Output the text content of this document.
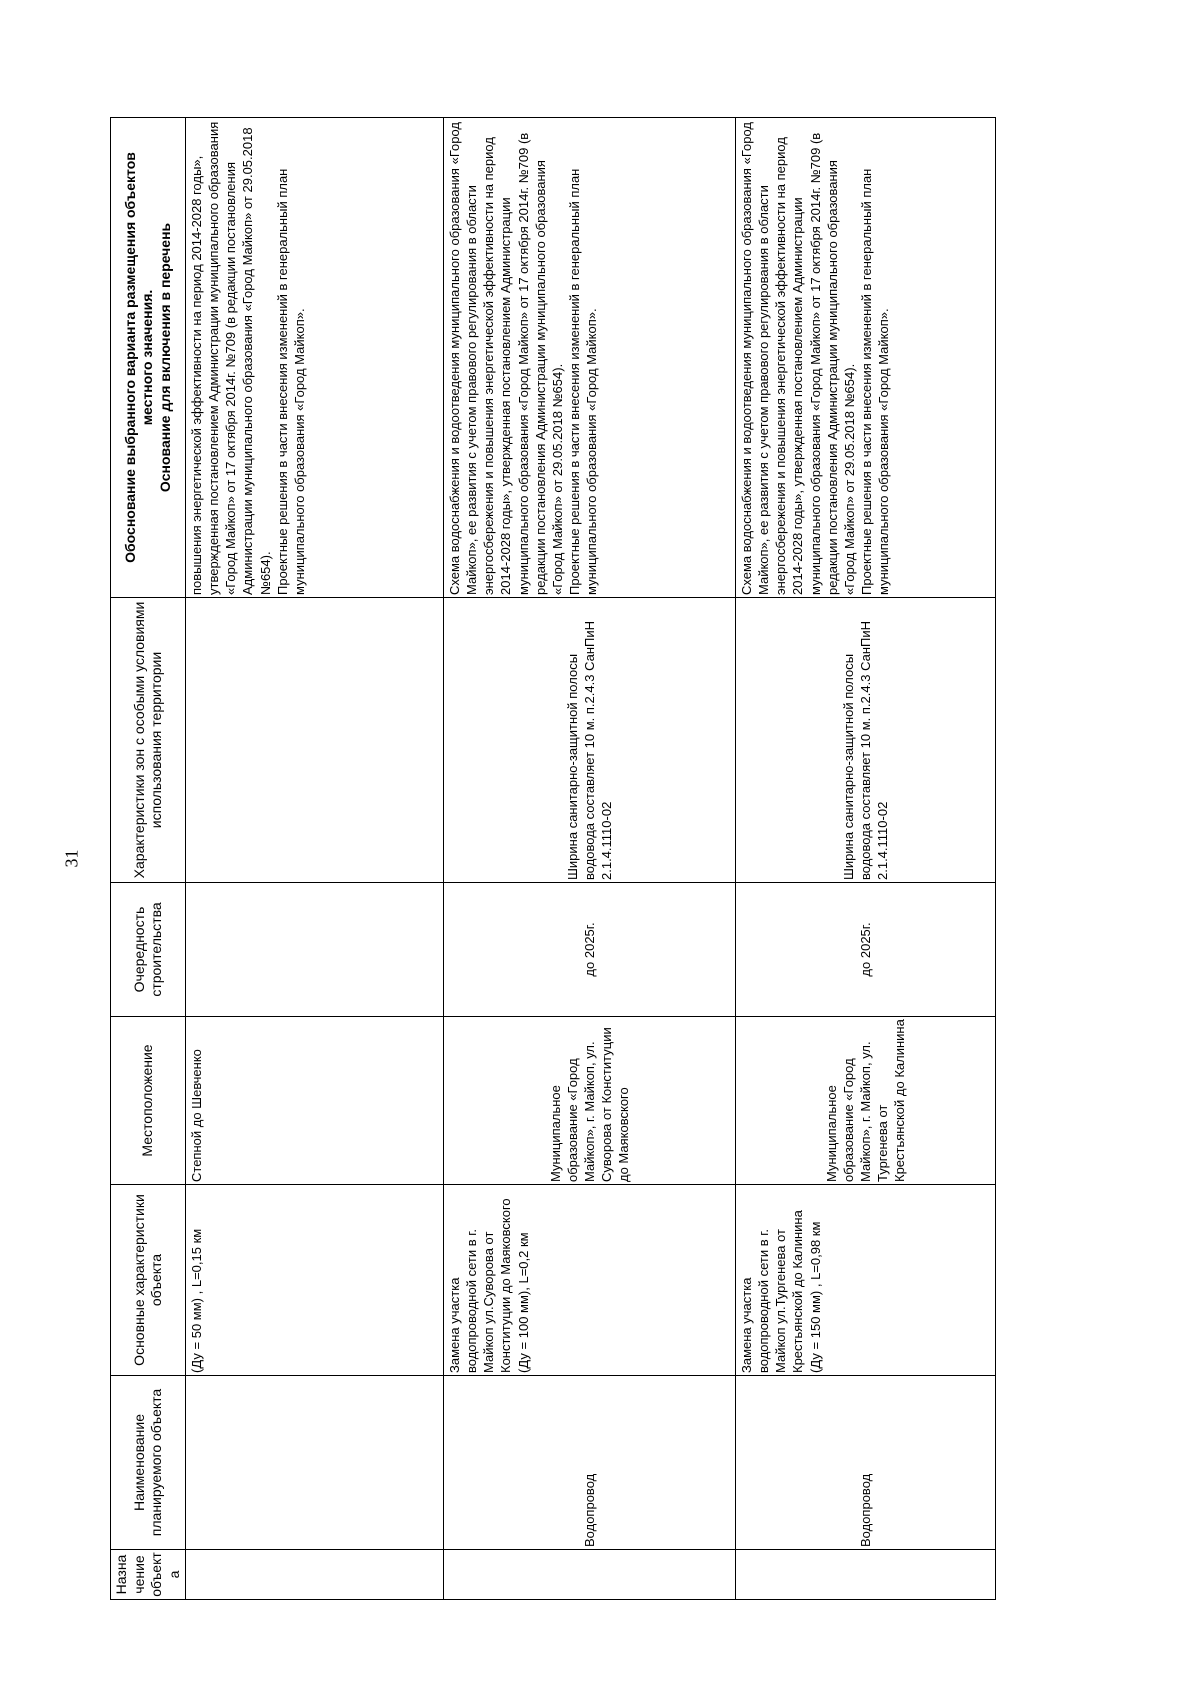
31
Назначение объекта	Наименование планируемого объекта	Основные характеристики объекта	Местоположение	Очередность строительства	Характеристики зон с особыми условиями использования территории	Обоснование выбранного варианта размещения объектов местного значения. Основание для включения в перечень

		(Ду = 50 мм) , L=0,15 км	Степной до Шевченко			повышения энергетической эффективности на период 2014-2028 годы», утвержденная постановлением Администрации муниципального образования «Город Майкоп» от 17 октября 2014г. №709 (в редакции постановления Администрации муниципального образования «Город Майкоп» от 29.05.2018 №654). Проектные решения в части внесения изменений в генеральный план муниципального образования «Город Майкоп».

	Водопровод	Замена участка водопроводной сети в г. Майкоп ул.Суворова от Конституции до Маяковского (Ду = 100 мм), L=0,2 км	Муниципальное образование «Город Майкоп», г. Майкоп, ул. Суворова от Конституции до Маяковского	до 2025г.	Ширина санитарно-защитной полосы водовода составляет 10 м. п.2.4.3 СанПиН 2.1.4.1110-02	Схема водоснабжения и водоотведения муниципального образования «Город Майкоп», ее развития с учетом правового регулирования в области энергосбережения и повышения энергетической эффективности на период 2014-2028 годы», утвержденная постановлением Администрации муниципального образования «Город Майкоп» от 17 октября 2014г. №709 (в редакции постановления Администрации муниципального образования «Город Майкоп» от 29.05.2018 №654). Проектные решения в части внесения изменений в генеральный план муниципального образования «Город Майкоп».

	Водопровод	Замена участка водопроводной сети в г. Майкоп ул.Тургенева от Крестьянской до Калинина (Ду = 150 мм) , L=0,98 км	Муниципальное образование «Город Майкоп», г. Майкоп, ул. Тургенева от Крестьянской до Калинина	до 2025г.	Ширина санитарно-защитной полосы водовода составляет 10 м. п.2.4.3 СанПиН 2.1.4.1110-02	Схема водоснабжения и водоотведения муниципального образования «Город Майкоп», ее развития с учетом правового регулирования в области энергосбережения и повышения энергетической эффективности на период 2014-2028 годы», утвержденная постановлением Администрации муниципального образования «Город Майкоп» от 17 октября 2014г. №709 (в редакции постановления Администрации муниципального образования «Город Майкоп» от 29.05.2018 №654). Проектные решения в части внесения изменений в генеральный план муниципального образования «Город Майкоп».
